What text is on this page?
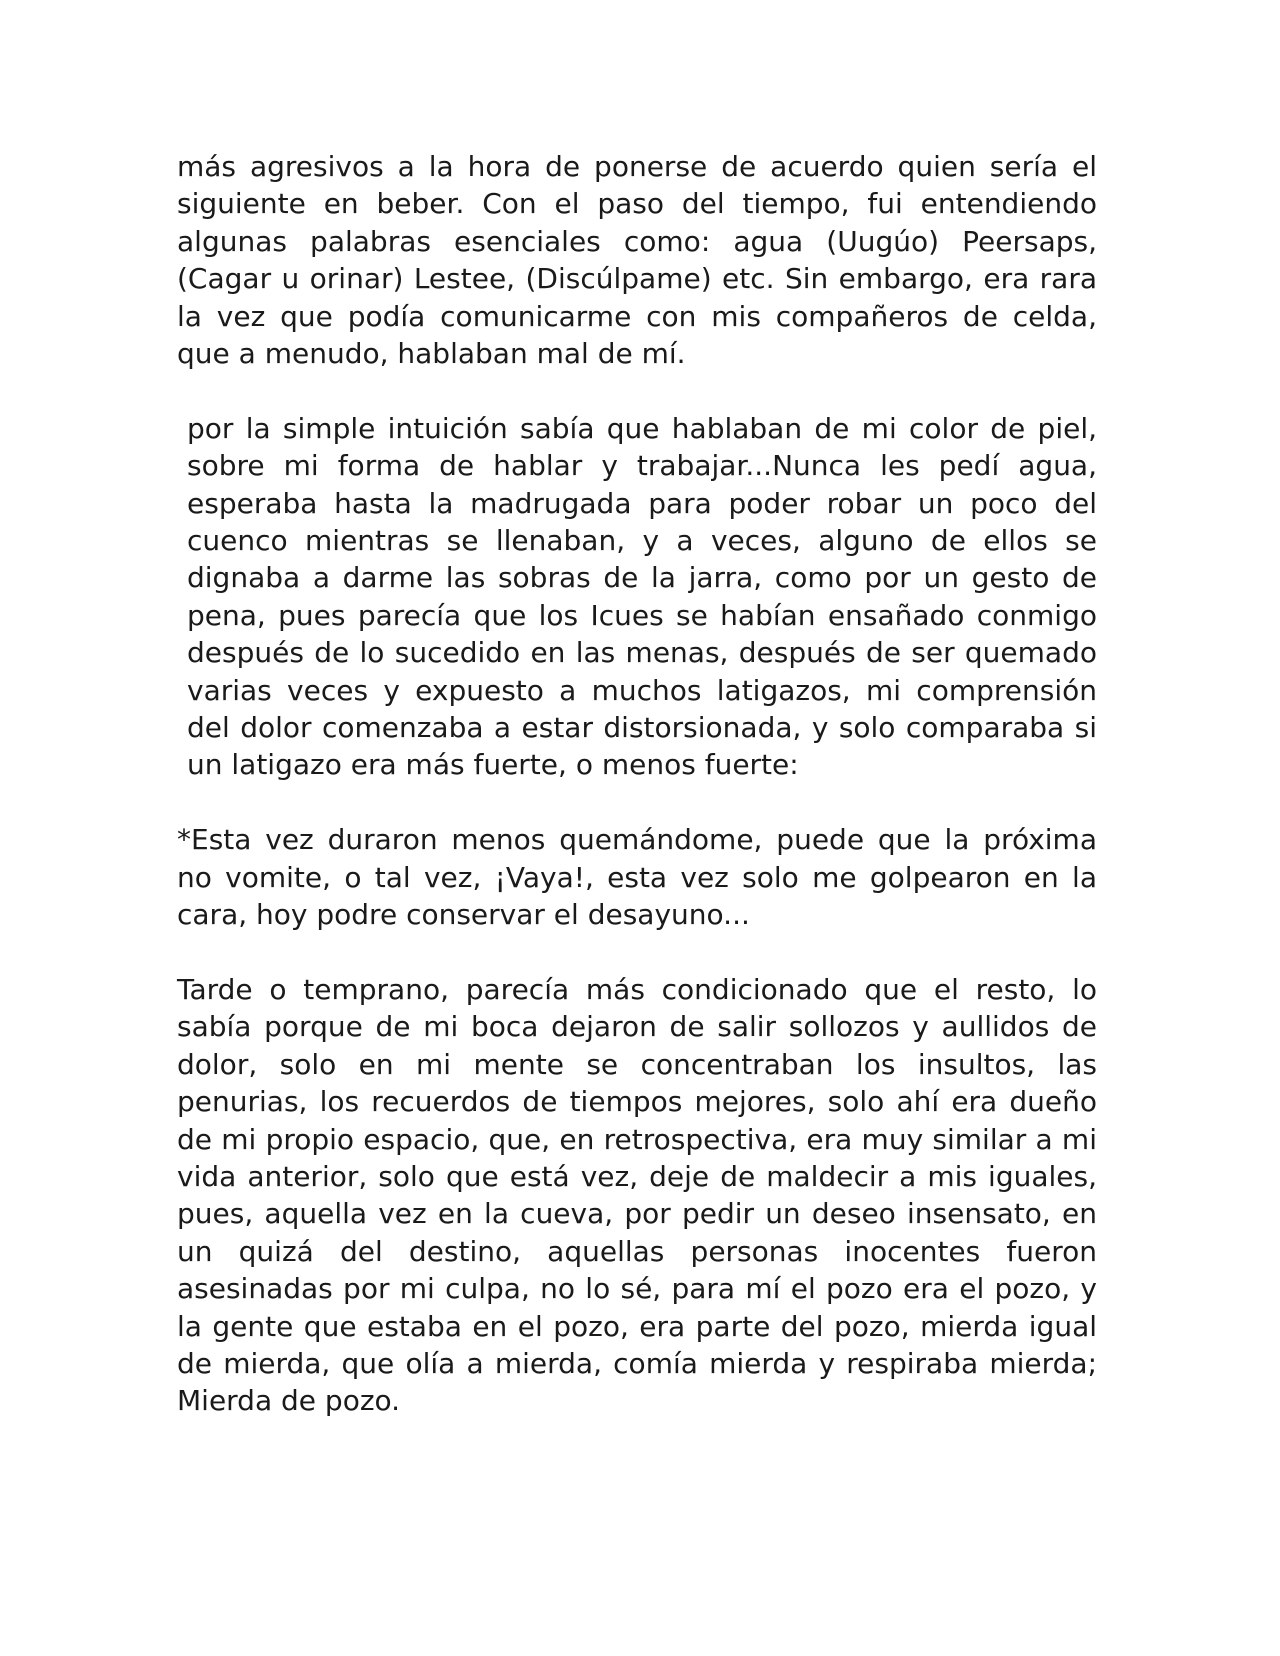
más agresivos a la hora de ponerse de acuerdo quien sería el siguiente en beber. Con el paso del tiempo, fui entendiendo algunas palabras esenciales como: agua (Uugúo) Peersaps, (Cagar u orinar) Lestee, (Discúlpame) etc. Sin embargo, era rara la vez que podía comunicarme con mis compañeros de celda, que a menudo, hablaban mal de mí.

por la simple intuición sabía que hablaban de mi color de piel, sobre mi forma de hablar y trabajar...Nunca les pedí agua, esperaba hasta la madrugada para poder robar un poco del cuenco mientras se llenaban, y a veces, alguno de ellos se dignaba a darme las sobras de la jarra, como por un gesto de pena, pues parecía que los Icues se habían ensañado conmigo después de lo sucedido en las menas, después de ser quemado varias veces y expuesto a muchos latigazos, mi comprensión del dolor comenzaba a estar distorsionada, y solo comparaba si un latigazo era más fuerte, o menos fuerte:

*Esta vez duraron menos quemándome, puede que la próxima no vomite, o tal vez, ¡Vaya!, esta vez solo me golpearon en la cara, hoy podre conservar el desayuno...

Tarde o temprano, parecía más condicionado que el resto, lo sabía porque de mi boca dejaron de salir sollozos y aullidos de dolor, solo en mi mente se concentraban los insultos, las penurias, los recuerdos de tiempos mejores, solo ahí era dueño de mi propio espacio, que, en retrospectiva, era muy similar a mi vida anterior, solo que está vez, deje de maldecir a mis iguales, pues, aquella vez en la cueva, por pedir un deseo insensato, en un quizá del destino, aquellas personas inocentes fueron asesinadas por mi culpa, no lo sé, para mí el pozo era el pozo, y la gente que estaba en el pozo, era parte del pozo, mierda igual de mierda, que olía a mierda, comía mierda y respiraba mierda; Mierda de pozo.
